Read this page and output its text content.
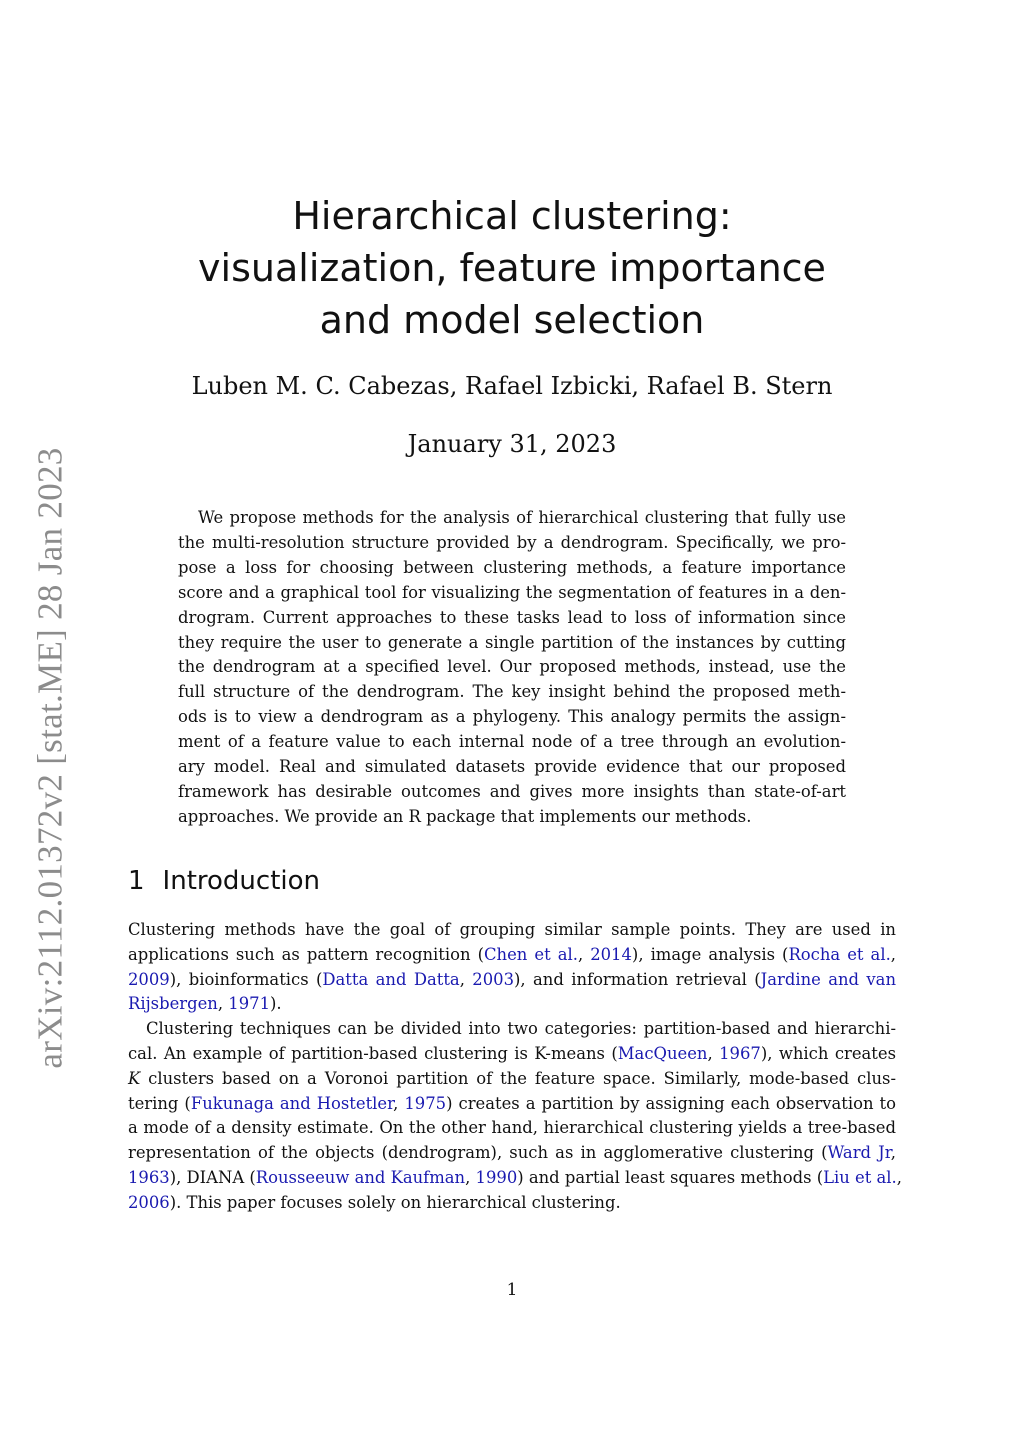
arXiv:2112.01372v2 [stat.ME] 28 Jan 2023
Hierarchical clustering:
visualization, feature importance
and model selection
Luben M. C. Cabezas, Rafael Izbicki, Rafael B. Stern
January 31, 2023
We propose methods for the analysis of hierarchical clustering that fully use
the multi-resolution structure provided by a dendrogram. Specifically, we pro-
pose a loss for choosing between clustering methods, a feature importance
score and a graphical tool for visualizing the segmentation of features in a den-
drogram. Current approaches to these tasks lead to loss of information since
they require the user to generate a single partition of the instances by cutting
the dendrogram at a specified level. Our proposed methods, instead, use the
full structure of the dendrogram. The key insight behind the proposed meth-
ods is to view a dendrogram as a phylogeny. This analogy permits the assign-
ment of a feature value to each internal node of a tree through an evolution-
ary model. Real and simulated datasets provide evidence that our proposed
framework has desirable outcomes and gives more insights than state-of-art
approaches. We provide an R package that implements our methods.
1 Introduction
Clustering methods have the goal of grouping similar sample points. They are used in
applications such as pattern recognition (Chen et al., 2014), image analysis (Rocha et al.,
2009), bioinformatics (Datta and Datta, 2003), and information retrieval (Jardine and van
Rijsbergen, 1971).
Clustering techniques can be divided into two categories: partition-based and hierarchi-
cal. An example of partition-based clustering is K-means (MacQueen, 1967), which creates
K clusters based on a Voronoi partition of the feature space. Similarly, mode-based clus-
tering (Fukunaga and Hostetler, 1975) creates a partition by assigning each observation to
a mode of a density estimate. On the other hand, hierarchical clustering yields a tree-based
representation of the objects (dendrogram), such as in agglomerative clustering (Ward Jr,
1963), DIANA (Rousseeuw and Kaufman, 1990) and partial least squares methods (Liu et al.,
2006). This paper focuses solely on hierarchical clustering.
1
